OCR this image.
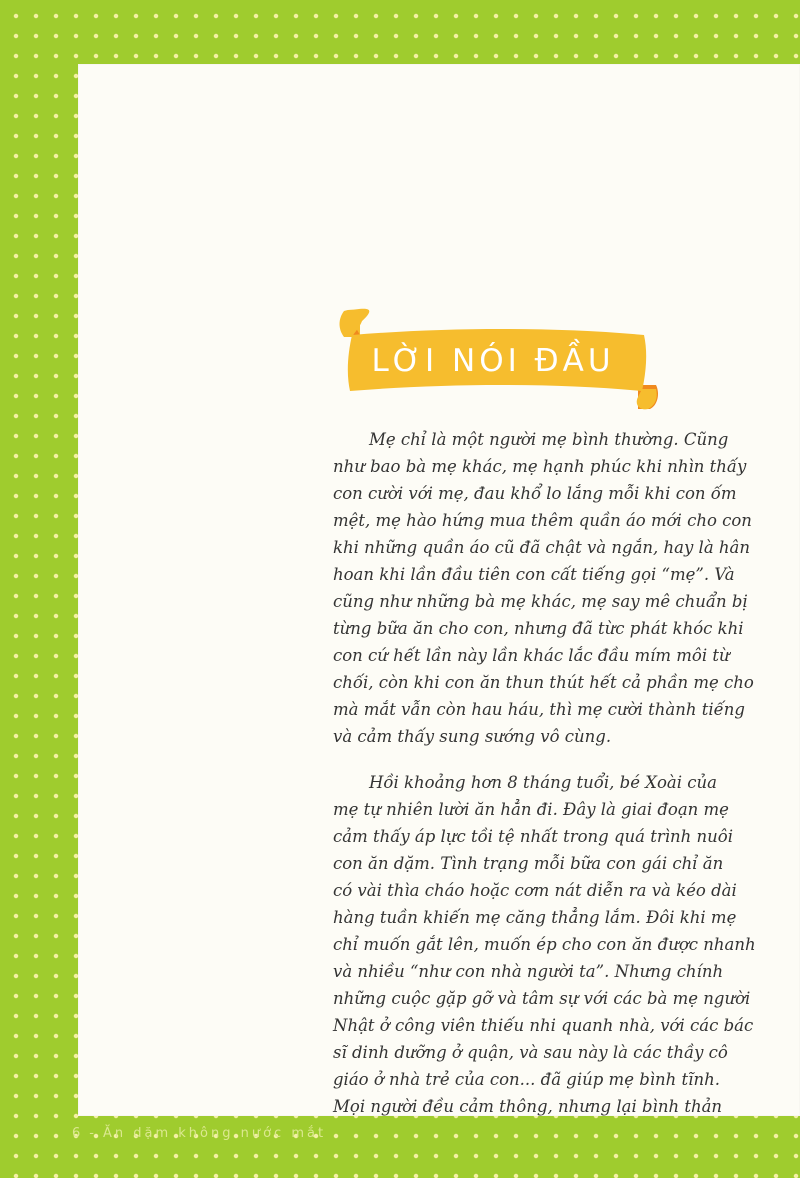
LỜI NÓI ĐẦU

Mẹ chỉ là một người mẹ bình thường. Cũng
như bao bà mẹ khác, mẹ hạnh phúc khi nhìn thấy
con cười với mẹ, đau khổ lo lắng mỗi khi con ốm
mệt, mẹ hào hứng mua thêm quần áo mới cho con
khi những quần áo cũ đã chật và ngắn, hay là hân
hoan khi lần đầu tiên con cất tiếng gọi “mẹ”. Và
cũng như những bà mẹ khác, mẹ say mê chuẩn bị
từng bữa ăn cho con, nhưng đã từc phát khóc khi
con cứ hết lần này lần khác lắc đầu mím môi từ
chối, còn khi con ăn thun thút hết cả phần mẹ cho
mà mắt vẫn còn hau háu, thì mẹ cười thành tiếng
và cảm thấy sung sướng vô cùng.

Hồi khoảng hơn 8 tháng tuổi, bé Xoài của
mẹ tự nhiên lười ăn hẳn đi. Đây là giai đoạn mẹ
cảm thấy áp lực tồi tệ nhất trong quá trình nuôi
con ăn dặm. Tình trạng mỗi bữa con gái chỉ ăn
có vài thìa cháo hoặc cơm nát diễn ra và kéo dài
hàng tuần khiến mẹ căng thẳng lắm. Đôi khi mẹ
chỉ muốn gắt lên, muốn ép cho con ăn được nhanh
và nhiều “như con nhà người ta”. Nhưng chính
những cuộc gặp gỡ và tâm sự với các bà mẹ người
Nhật ở công viên thiếu nhi quanh nhà, với các bác
sĩ dinh dưỡng ở quận, và sau này là các thầy cô
giáo ở nhà trẻ của con... đã giúp mẹ bình tĩnh.
Mọi người đều cảm thông, nhưng lại bình thản

6 - Ăn dặm không nước mắt
